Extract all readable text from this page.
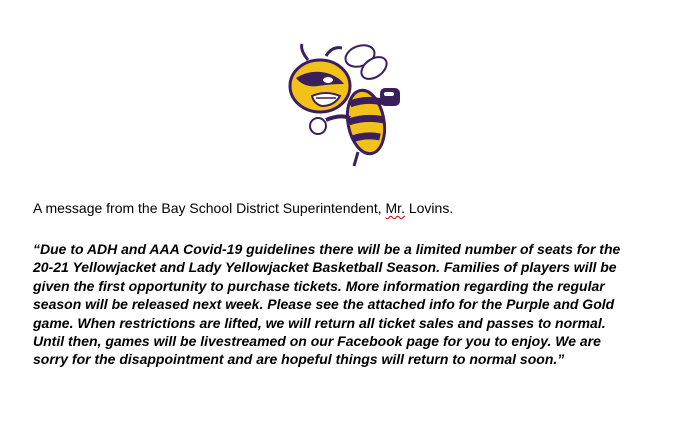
A message from the Bay School District Superintendent, Mr. Lovins.
“Due to ADH and AAA Covid-19 guidelines there will be a limited number of seats for the
20-21 Yellowjacket and Lady Yellowjacket Basketball Season. Families of players will be
given the first opportunity to purchase tickets. More information regarding the regular
season will be released next week. Please see the attached info for the Purple and Gold
game. When restrictions are lifted, we will return all ticket sales and passes to normal.
Until then, games will be livestreamed on our Facebook page for you to enjoy. We are
sorry for the disappointment and are hopeful things will return to normal soon.”
